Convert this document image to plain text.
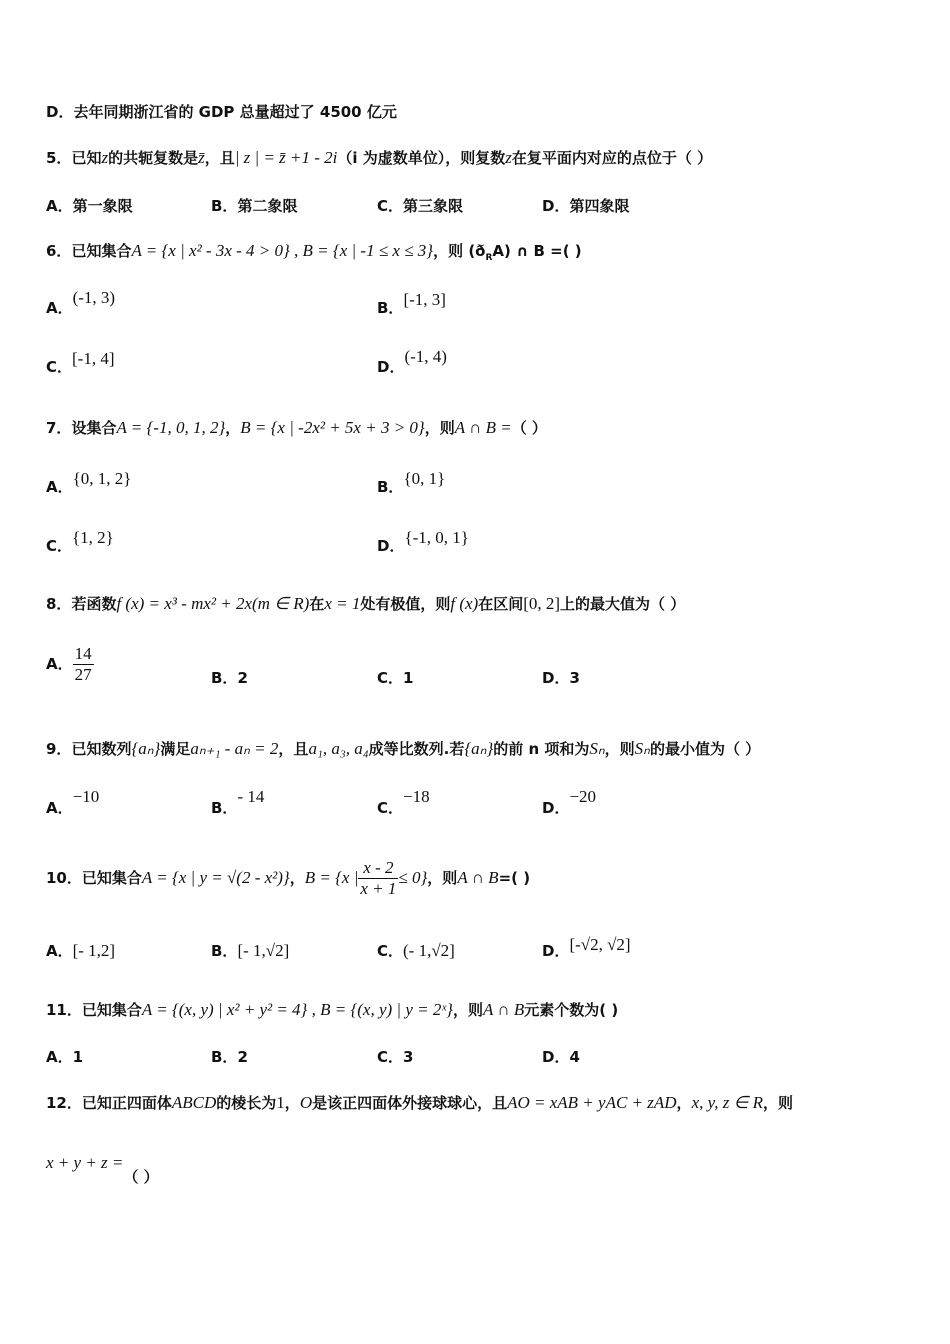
D．去年同期浙江省的 GDP 总量超过了 4500 亿元
5．已知z的共轭复数是z̄，且| z | = z̄ +1 - 2i（i 为虚数单位），则复数z在复平面内对应的点位于（ ）
A．第一象限	B．第二象限	C．第三象限	D．第四象限
6．已知集合A = {x | x² - 3x - 4 > 0} , B = {x | -1 ≤ x ≤ 3}，则 $(ð_RA)$ ∩ B =( )
A．(-1, 3)
B．[-1, 3]
C．[-1, 4]	D．(-1, 4)
7．设集合A = {-1, 0, 1, 2}，B = {x | -2x² + 5x + 3 > 0}，则A ∩ B =（ ）
A．{0, 1, 2}	B．{0, 1}
C．{1, 2}	D．{-1, 0, 1}
8．若函数f (x) = x³ - mx² + 2x(m ∈ R)在x = 1处有极值，则f (x)在区间[0, 2]上的最大值为（ ）
A． $\frac{14}{27}$	B．2	C．1	D．3
9．已知数列{aₙ}满足aₙ₊₁ - aₙ = 2，且a₁, a₃, a₄成等比数列.若{aₙ}的前 n 项和为Sₙ，则Sₙ的最小值为（ ）
A．−10
B．- 14
C．−18
D．−20
10．已知集合A = {x | y = √(2 - x²)}，B = {x | $\frac{x - 2}{x + 1} \le 0$}，则A ∩ B=( )
A．[- 1,2]	B．[- 1,√2]	C．(- 1,√2]	D．[-√2, √2]
11．已知集合A = {(x, y) | x² + y² = 4} , B = {(x, y) | y = 2ˣ}，则A ∩ B元素个数为( )
A．1	B．2	C．3	D．4
12．已知正四面体ABCD的棱长为1，O是该正四面体外接球球心，且AO = xAB + yAC + zAD，x, y, z ∈ R，则
x + y + z =（ ）
